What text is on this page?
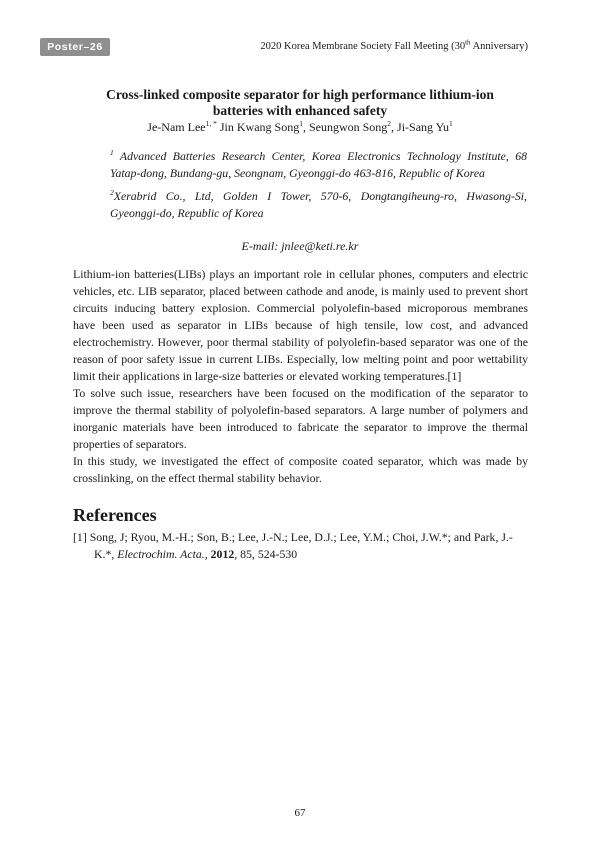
Poster–26	2020 Korea Membrane Society Fall Meeting (30th Anniversary)
Cross-linked composite separator for high performance lithium-ion
batteries with enhanced safety
Je-Nam Lee$^{1, *}$ Jin Kwang Song$^1$, Seungwon Song$^2$, Ji-Sang Yu$^1$
$^1$ Advanced Batteries Research Center, Korea Electronics Technology Institute, 68 Yatap-dong, Bundang-gu, Seongnam, Gyeonggi-do 463-816, Republic of Korea
$^2$Xerabrid Co., Ltd, Golden I Tower, 570-6, Dongtangiheung-ro, Hwasong-Si, Gyeonggi-do, Republic of Korea
E-mail: jnlee@keti.re.kr

Lithium-ion batteries(LIBs) plays an important role in cellular phones, computers and electric vehicles, etc. LIB separator, placed between cathode and anode, is mainly used to prevent short circuits inducing battery explosion. Commercial polyolefin-based microporous membranes have been used as separator in LIBs because of high tensile, low cost, and advanced electrochemistry. However, poor thermal stability of polyolefin-based separator was one of the reason of poor safety issue in current LIBs. Especially, low melting point and poor wettability limit their applications in large-size batteries or elevated working temperatures.[1]

To solve such issue, researchers have been focused on the modification of the separator to improve the thermal stability of polyolefin-based separators. A large number of polymers and inorganic materials have been introduced to fabricate the separator to improve the thermal properties of separators.

In this study, we investigated the effect of composite coated separator, which was made by crosslinking, on the effect thermal stability behavior.

References
[1] Song, J; Ryou, M.-H.; Son, B.; Lee, J.-N.; Lee, D.J.; Lee, Y.M.; Choi, J.W.*; and Park, J.-
K.*, Electrochim. Acta., 2012, 85, 524-530
67
